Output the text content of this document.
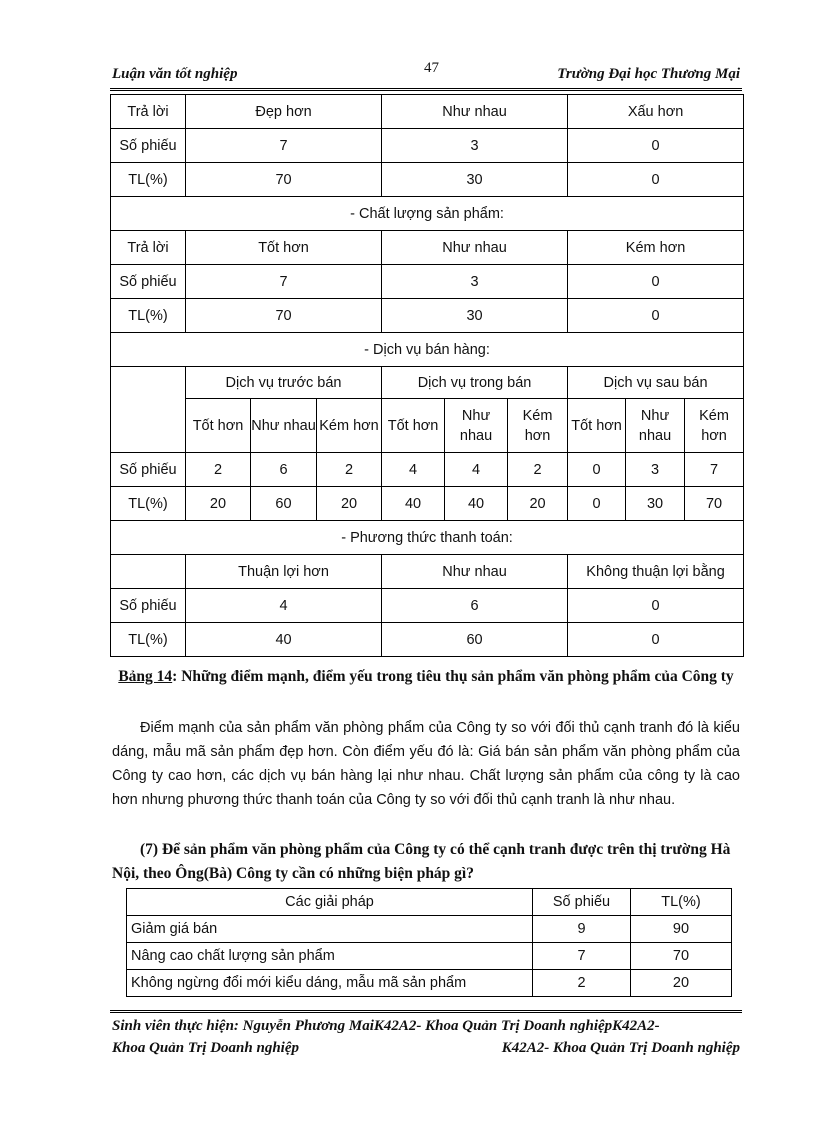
Luận văn tốt nghiệp	47	Trường Đại học Thương Mại
Trả lời	Đẹp hơn			Như nhau			Xấu hơn		
Số phiếu	7			3			0		
TL(%)	70			30			0		
- Chất lượng sản phẩm:									
Trả lời	Tốt hơn			Như nhau			Kém hơn		
Số phiếu	7			3			0		
TL(%)	70			30			0		
- Dịch vụ bán hàng:									
	Dịch vụ trước bán			Dịch vụ trong bán			Dịch vụ sau bán		
	Tốt hơn	Như nhau	Kém hơn	Tốt hơn	Như nhau	Kém hơn	Tốt hơn	Như nhau	Kém hơn
Số phiếu	2	6	2	4	4	2	0	3	7
TL(%)	20	60	20	40	40	20	0	30	70
- Phương thức thanh toán:									
	Thuận lợi hơn			Như nhau			Không thuận lợi bằng		
Số phiếu	4			6			0		
TL(%)	40			60			0		
Bảng 14: Những điểm mạnh, điểm yếu trong tiêu thụ sản phẩm văn phòng phẩm của Công ty
Điểm mạnh của sản phẩm văn phòng phẩm của Công ty so với đối thủ cạnh tranh đó là kiểu dáng, mẫu mã sản phẩm đẹp hơn. Còn điểm yếu đó là: Giá bán sản phẩm văn phòng phẩm của Công ty cao hơn, các dịch vụ bán hàng lại như nhau. Chất lượng sản phẩm của công ty là cao hơn nhưng phương thức thanh toán của Công ty so với đối thủ cạnh tranh là như nhau.
(7) Để sản phẩm văn phòng phẩm của Công ty có thể cạnh tranh được trên thị trường Hà Nội, theo Ông(Bà) Công ty cần có những biện pháp gì?
Các giải pháp	Số phiếu	TL(%)
Giảm giá bán	9	90
Nâng cao chất lượng sản phẩm	7	70
Không ngừng đổi mới kiểu dáng, mẫu mã sản phẩm	2	20
Sinh viên thực hiện: Nguyễn Phương MaiK42A2- Khoa Quản Trị Doanh nghiệpK42A2-
Khoa Quản Trị Doanh nghiệp	K42A2- Khoa Quản Trị Doanh nghiệp
